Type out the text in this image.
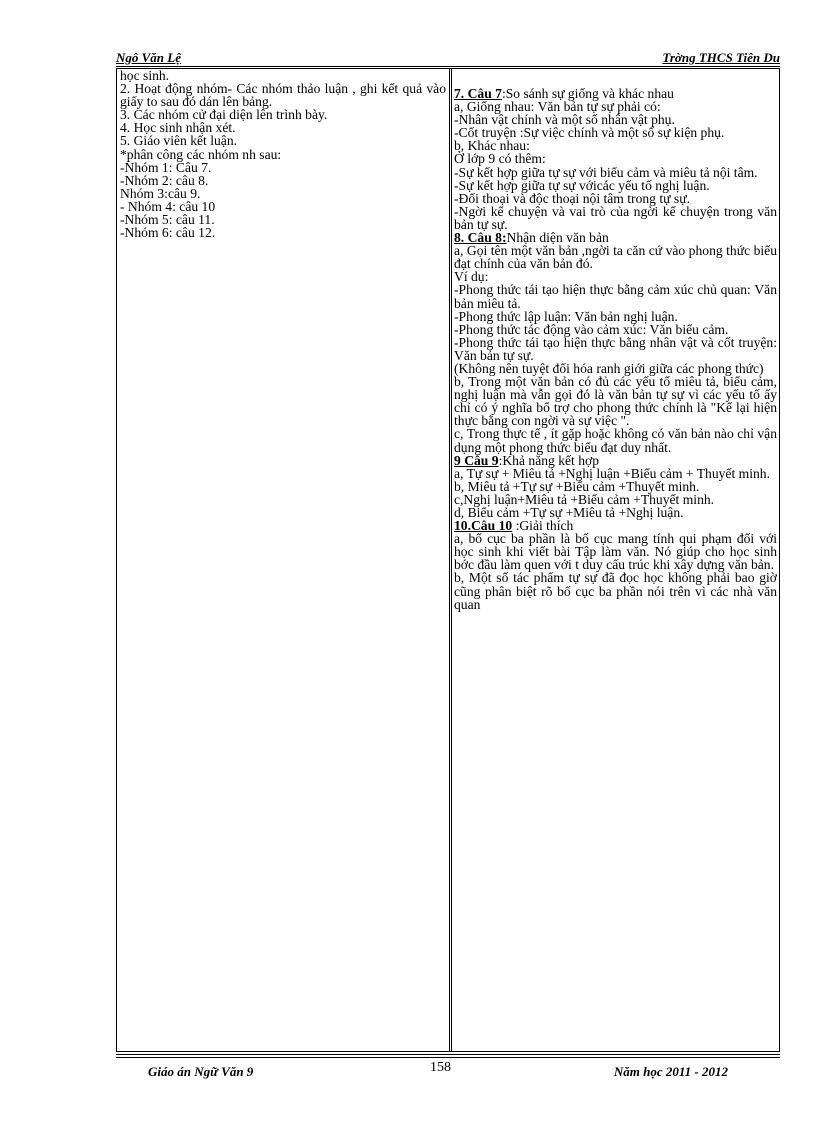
Ngô Văn Lệ	Trờng THCS Tiên Du

học sinh.

2. Hoạt động nhóm- Các nhóm thảo luận , ghi kết quả vào giấy to sau đó dán lên bảng.

3. Các nhóm cử đại diện lên trình bày.

4. Học sinh nhận xét.

5. Giáo viên kết luận.

*phân công các nhóm nh sau:

-Nhóm 1: Câu 7.

-Nhóm 2: câu 8.

Nhóm 3:câu 9.

- Nhóm 4: câu 10

-Nhóm 5: câu 11.

-Nhóm 6: câu 12.

7. Câu 7:So sánh sự giống và khác nhau

a, Giống nhau: Văn bản tự sự phải có:

-Nhân vật chính và một số nhân vật phụ.

-Cốt truyện :Sự việc chính và một số sự kiện phụ.

b, Khác nhau:

Ở lớp 9 có thêm:

-Sự kết hợp giữa tự sự với biểu cảm và miêu tả nội tâm.

-Sự kết hợp giữa tự sự vớicác yếu tố nghị luận.

-Đối thoại và độc thoại nội tâm trong tự sự.

-Ngời kể chuyện và vai trò của ngời kể chuyện trong văn bản tự sự.

8. Câu 8:Nhận diện văn bản

a, Gọi tên một văn bản ,ngời ta căn cứ vào phong thức biểu đạt chính của văn bản đó.

Ví dụ:

-Phong thức tái tạo hiện thực bằng cảm xúc chủ quan: Văn bản miêu tả.

-Phong thức lập luận: Văn bản nghị luận.

-Phong thức tác động vào cảm xúc: Văn biểu cảm.

-Phong thức tái tạo hiện thực bằng nhân vật và cốt truyện: Văn bản tự sự.

(Không nên tuyệt đối hóa ranh giới giữa các phong thức)

b, Trong một văn bản có đủ các yếu tố miêu tả, biểu cảm, nghị luận mà vẫn gọi đó là văn bản tự sự vì các yếu tố ấy chỉ có ý nghĩa bổ trợ cho phong thức chính là "Kể lại hiện thực bằng con ngời và sự việc ".

c, Trong thực tế , ít gặp hoặc không có văn bản nào chỉ vận dụng một phong thức biểu đạt duy nhất.

9 Câu 9:Khả năng kết hợp

a, Tự sự + Miêu tả +Nghị luận +Biểu cảm + Thuyết minh.

b, Miêu tả +Tự sự +Biểu cảm +Thuyết minh.

c,Nghị luận+Miêu tả +Biểu cảm +Thuyết minh.

d, Biểu cảm +Tự sự +Miêu tả +Nghị luận.

10.Câu 10 :Giải thích

a, bố cục ba phần là bố cục mang tính qui phạm đối với học sinh khi viết bài Tập làm văn. Nó giúp cho học sinh bớc đầu làm quen với t duy cấu trúc khi xây dựng văn bản.

b, Một số tác phẩm tự sự đã đọc học không phải bao giờ cũng phân biệt rõ bố cục ba phần nói trên vì các nhà văn quan

Giáo án Ngữ Văn 9	158	Năm học 2011 - 2012
